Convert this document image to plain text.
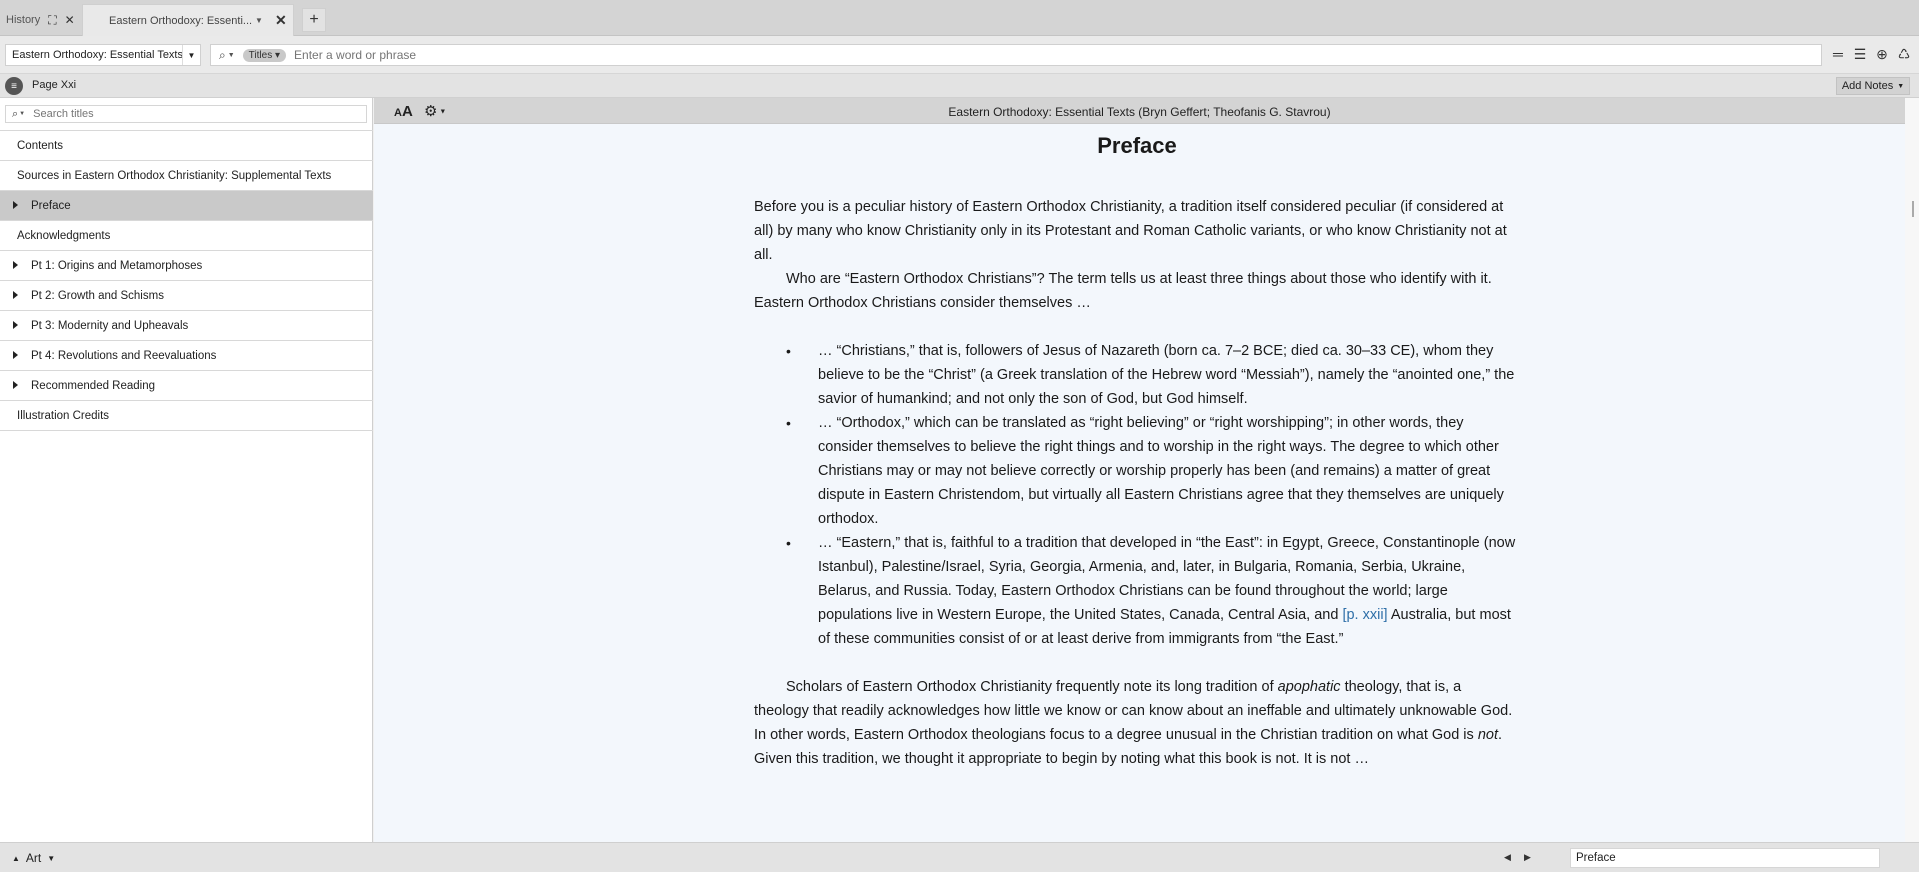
History ⛶ ✕	Eastern Orthodoxy: Essenti... ▼ ✕	+
Eastern Orthodoxy: Essential Texts ▼	⌕ ▼	Titles ▾
Enter a word or phrase	═ ☰ ⊕ ♺
≡	Page Xxi	Add Notes ▼
⌕ ▼
Search titles
Contents
Sources in Eastern Orthodox Christianity: Supplemental Texts
Preface
Acknowledgments
Pt 1: Origins and Metamorphoses
Pt 2: Growth and Schisms
Pt 3: Modernity and Upheavals
Pt 4: Revolutions and Reevaluations
Recommended Reading
Illustration Credits
Eastern Orthodoxy: Essential Texts (Bryn Geffert; Theofanis G. Stavrou)
AA ⚙ ▼
Preface

Before you is a peculiar history of Eastern Orthodox Christianity, a tradition itself considered peculiar (if considered at all) by many who know Christianity only in its Protestant and Roman Catholic variants, or who know Christianity not at all.

Who are “Eastern Orthodox Christians”? The term tells us at least three things about those who identify with it. Eastern Orthodox Christians consider themselves …

• … “Christians,” that is, followers of Jesus of Nazareth (born ca. 7–2 BCE; died ca. 30–33 CE), whom they believe to be the “Christ” (a Greek translation of the Hebrew word “Messiah”), namely the “anointed one,” the savior of humankind; and not only the son of God, but God himself.
• … “Orthodox,” which can be translated as “right believing” or “right worshipping”; in other words, they consider themselves to believe the right things and to worship in the right ways. The degree to which other Christians may or may not believe correctly or worship properly has been (and remains) a matter of great dispute in Eastern Christendom, but virtually all Eastern Christians agree that they themselves are uniquely orthodox.
• … “Eastern,” that is, faithful to a tradition that developed in “the East”: in Egypt, Greece, Constantinople (now Istanbul), Palestine/Israel, Syria, Georgia, Armenia, and, later, in Bulgaria, Romania, Serbia, Ukraine, Belarus, and Russia. Today, Eastern Orthodox Christians can be found throughout the world; large populations live in Western Europe, the United States, Canada, Central Asia, and [p. xxii] Australia, but most of these communities consist of or at least derive from immigrants from “the East.”

Scholars of Eastern Orthodox Christianity frequently note its long tradition of apophatic theology, that is, a theology that readily acknowledges how little we know or can know about an ineffable and ultimately unknowable God. In other words, Eastern Orthodox theologians focus to a degree unusual in the Christian tradition on what God is not. Given this tradition, we thought it appropriate to begin by noting what this book is not. It is not …

▲ Art ▼	◀ ▶	Preface
